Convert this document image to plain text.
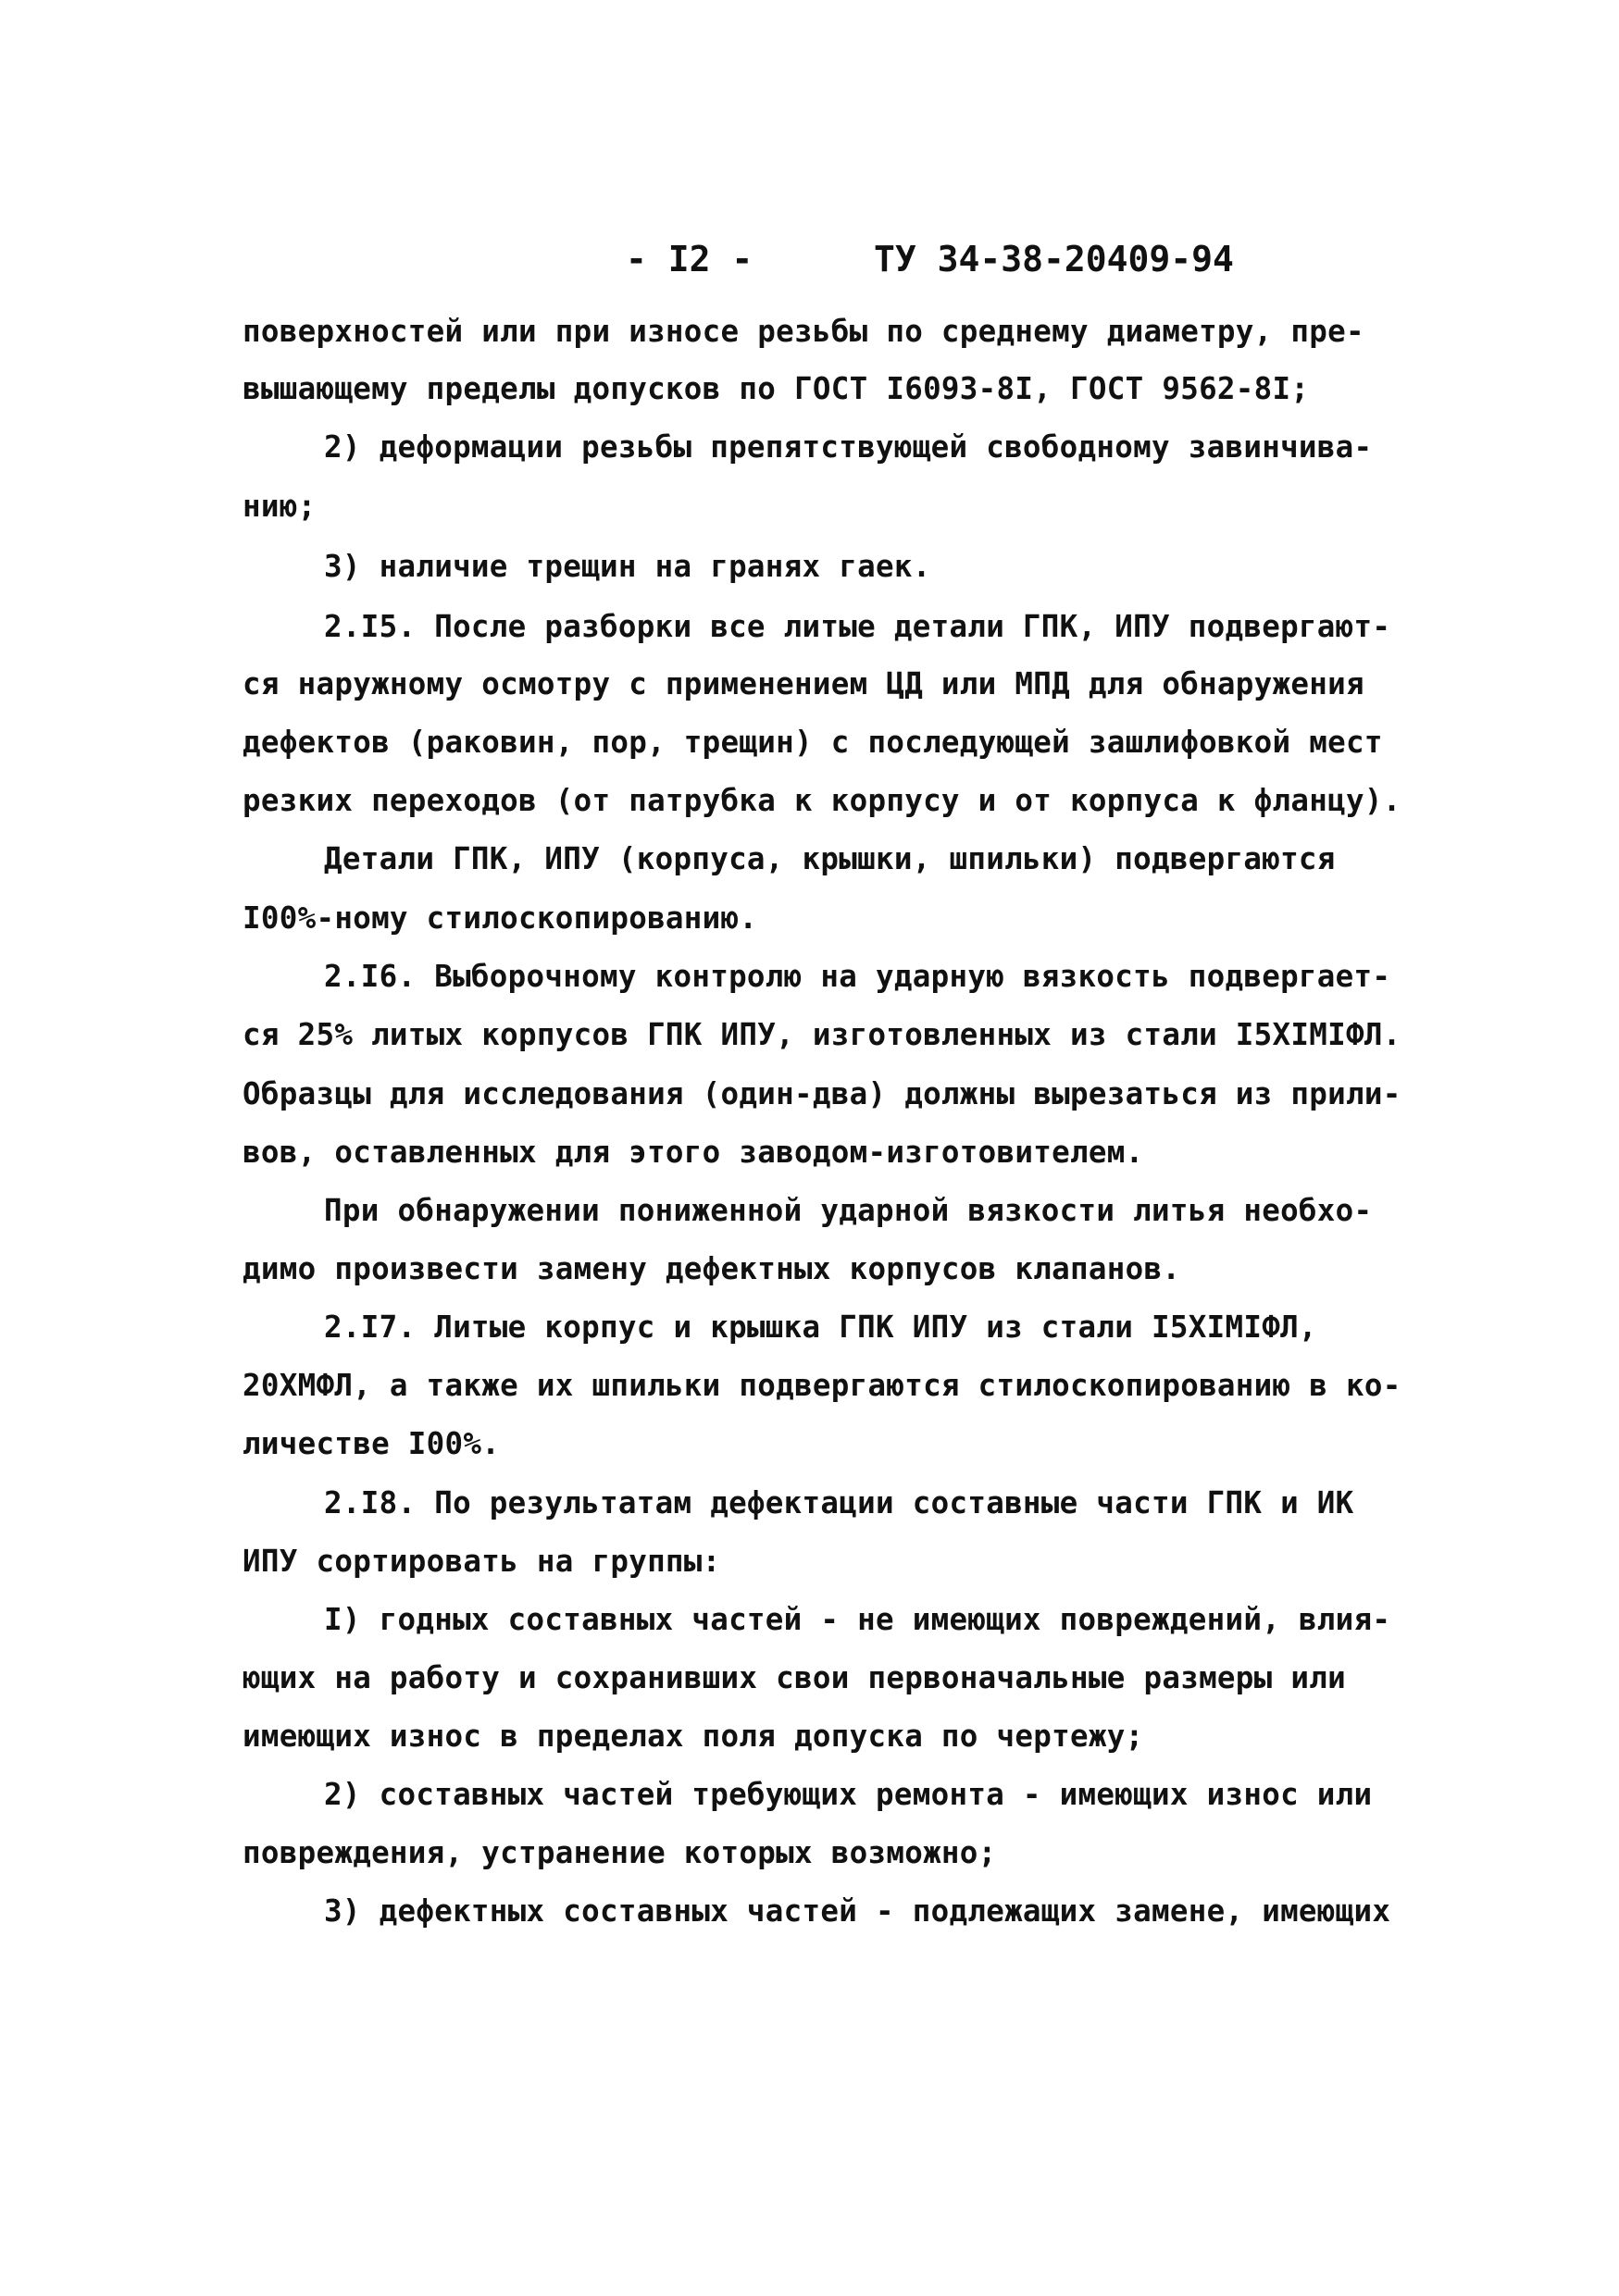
- I2 -	ТУ 34-38-20409-94
поверхностей или при износе резьбы по среднему диаметру, пре-
вышающему пределы допусков по ГОСТ I6093-8I, ГОСТ 9562-8I;
2) деформации резьбы препятствующей свободному завинчива-
нию;
3) наличие трещин на гранях гаек.
2.I5. После разборки все литые детали ГПК, ИПУ подвергают-
ся наружному осмотру с применением ЦД или МПД для обнаружения
дефектов (раковин, пор, трещин) с последующей зашлифовкой мест
резких переходов (от патрубка к корпусу и от корпуса к фланцу).
Детали ГПК, ИПУ (корпуса, крышки, шпильки) подвергаются
I00%-ному стилоскопированию.
2.I6. Выборочному контролю на ударную вязкость подвергает-
ся 25% литых корпусов ГПК ИПУ, изготовленных из стали I5XIMIФЛ.
Образцы для исследования (один-два) должны вырезаться из прили-
вов, оставленных для этого заводом-изготовителем.
При обнаружении пониженной ударной вязкости литья необхо-
димо произвести замену дефектных корпусов клапанов.
2.I7. Литые корпус и крышка ГПК ИПУ из стали I5XIMIФЛ,
20XМФЛ, а также их шпильки подвергаются стилоскопированию в ко-
личестве I00%.
2.I8. По результатам дефектации составные части ГПК и ИК
ИПУ сортировать на группы:
I) годных составных частей - не имеющих повреждений, влия-
ющих на работу и сохранивших свои первоначальные размеры или
имеющих износ в пределах поля допуска по чертежу;
2) составных частей требующих ремонта - имеющих износ или
повреждения, устранение которых возможно;
3) дефектных составных частей - подлежащих замене, имеющих
